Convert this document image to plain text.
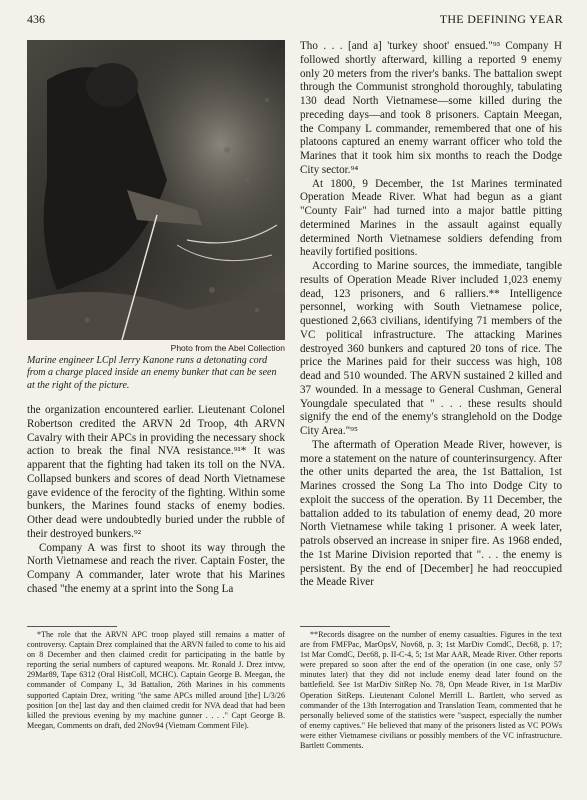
436	THE DEFINING YEAR
Photo from the Abel Collection
Marine engineer LCpl Jerry Kanone runs a detonating cord from a charge placed inside an enemy bunker that can be seen at the right of the picture.

the organization encountered earlier. Lieutenant Colonel Robertson credited the ARVN 2d Troop, 4th ARVN Cavalry with their APCs in providing the necessary shock action to break the final NVA resistance.⁹¹* It was apparent that the fighting had taken its toll on the NVA. Collapsed bunkers and scores of dead North Vietnamese gave evidence of the ferocity of the fighting. Within some bunkers, the Marines found stacks of enemy bodies. Other dead were undoubtedly buried under the rubble of their destroyed bunkers.⁹²

Company A was first to shoot its way through the North Vietnamese and reach the river. Captain Foster, the Company A commander, later wrote that his Marines chased "the enemy at a sprint into the Song La

Tho . . . [and a] 'turkey shoot' ensued."⁹³ Company H followed shortly afterward, killing a reported 9 enemy only 20 meters from the river's banks. The battalion swept through the Communist stronghold thoroughly, tabulating 130 dead North Vietnamese—some killed during the preceding days—and took 8 prisoners. Captain Meegan, the Company L commander, remembered that one of his platoons captured an enemy warrant officer who told the Marines that it took him six months to reach the Dodge City sector.⁹⁴

At 1800, 9 December, the 1st Marines terminated Operation Meade River. What had begun as a giant "County Fair" had turned into a major battle pitting determined Marines in the assault against equally determined North Vietnamese soldiers defending from heavily fortified positions.

According to Marine sources, the immediate, tangible results of Operation Meade River included 1,023 enemy dead, 123 prisoners, and 6 ralliers.** Intelligence personnel, working with South Vietnamese police, questioned 2,663 civilians, identifying 71 members of the VC political infrastructure. The attacking Marines destroyed 360 bunkers and captured 20 tons of rice. The price the Marines paid for their success was high, 108 dead and 510 wounded. The ARVN sustained 2 killed and 37 wounded. In a message to General Cushman, General Youngdale speculated that " . . . these results should signify the end of the enemy's stranglehold on the Dodge City Area."⁹⁵

The aftermath of Operation Meade River, however, is more a statement on the nature of counterinsurgency. After the other units departed the area, the 1st Battalion, 1st Marines crossed the Song La Tho into Dodge City to exploit the success of the operation. By 11 December, the battalion added to its tabulation of enemy dead, 20 more North Vietnamese while taking 1 prisoner. A week later, patrols observed an increase in sniper fire. As 1968 ended, the 1st Marine Division reported that ". . . the enemy is persistent. By the end of [December] he had reoccupied the Meade River

*The role that the ARVN APC troop played still remains a matter of controversy. Captain Drez complained that the ARVN failed to come to his aid on 8 December and then claimed credit for participating in the battle by reporting the serial numbers of captured weapons. Mr. Ronald J. Drez intvw, 29Mar89, Tape 6312 (Oral HistColl, MCHC). Captain George B. Meegan, the commander of Company L, 3d Battalion, 26th Marines in his comments supported Captain Drez, writing "the same APCs milled around [the] L/3/26 position [on the] last day and then claimed credit for NVA dead that had been killed the previous evening by my machine gunner . . . ." Capt George B. Meegan, Comments on draft, ded 2Nov94 (Vietnam Comment File).

**Records disagree on the number of enemy casualties. Figures in the text are from FMFPac, MarOpsV, Nov68, p. 3; 1st MarDiv ComdC, Dec68, p. 17; 1st Mar ComdC, Dec68, p. II-C-4, 5; 1st Mar AAR, Meade River. Other reports were prepared so soon after the end of the operation (in one case, only 57 minutes later) that they did not include enemy dead later found on the battlefield. See 1st MarDiv SitRep No. 78, Opn Meade River, in 1st MarDiv Operation SitReps. Lieutenant Colonel Merrill L. Bartlett, who served as commander of the 13th Interrogation and Translation Team, commented that he personally believed some of the statistics were "suspect, especially the number of enemy captives." He believed that many of the prisoners listed as VC POWs were either Vietnamese civilians or possibly members of the VC infrastructure. Bartlett Comments.
